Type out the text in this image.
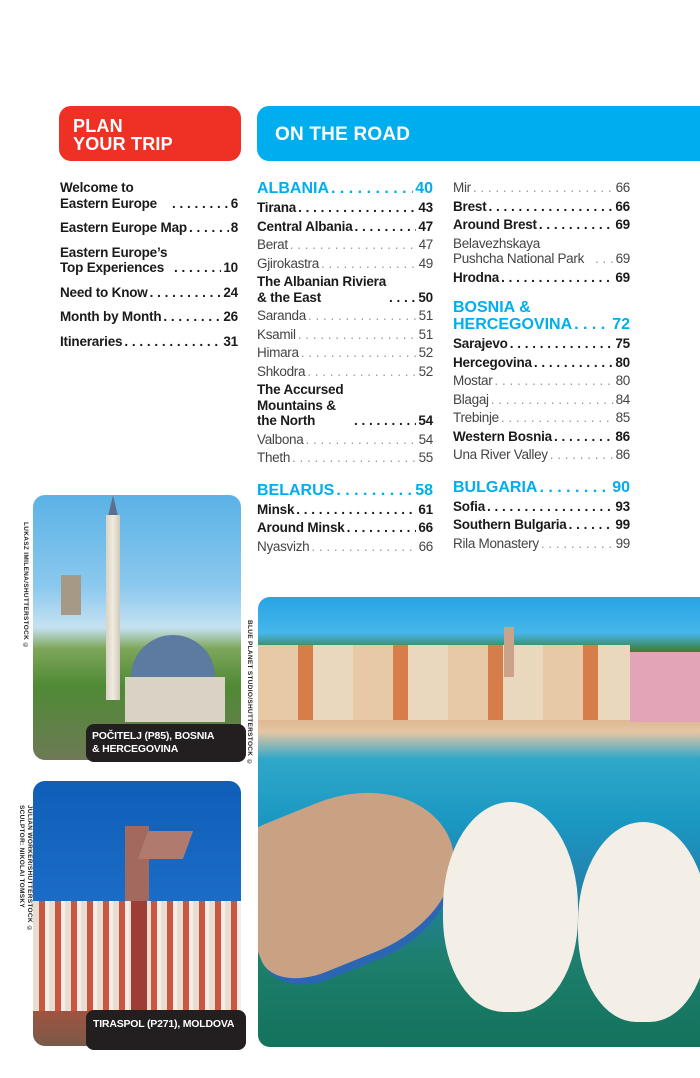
PLAN
YOUR TRIP	ON THE ROAD
Welcome to Eastern Europe . . .	6
Eastern Europe Map . . .	8
Eastern Europe’s Top Experiences . . .	10
Need to Know . . .	24
Month by Month . . .	26
Itineraries . . .	31
ALBANIA . . .	40
Tirana . . .	43
Central Albania . . .	47
Berat . . .	47
Gjirokastra . . .	49
The Albanian Riviera & the East . . .	50
Saranda . . .	51
Ksamil . . .	51
Himara . . .	52
Shkodra . . .	52
The Accursed Mountains & the North . . .	54
Valbona . . .	54
Theth . . .	55
BELARUS . . .	58
Minsk . . .	61
Around Minsk . . .	66
Nyasvizh . . .	66
Mir . . .	66
Brest . . .	66
Around Brest . . .	69
Belavezhskaya Pushcha National Park . . .	69
Hrodna . . .	69
BOSNIA &
HERCEGOVINA . . .	72
Sarajevo . . .	75
Hercegovina . . .	80
Mostar . . .	80
Blagaj . . .	84
Trebinje . . .	85
Western Bosnia . . .	86
Una River Valley . . .	86
BULGARIA . . .	90
Sofia . . .	93
Southern Bulgaria . . .	99
Rila Monastery . . .	99
POČITELJ (P85), BOSNIA
& HERCEGOVINA
LUKASZ IMILENA/SHUTTERSTOCK ©
TIRASPOL (P271), MOLDOVA
JULIAN WORKER/SHUTTERSTOCK ©
SCULPTOR: NIKOLAI TOMSKY
BLUE PLANET STUDIO/SHUTTERSTOCK ©
